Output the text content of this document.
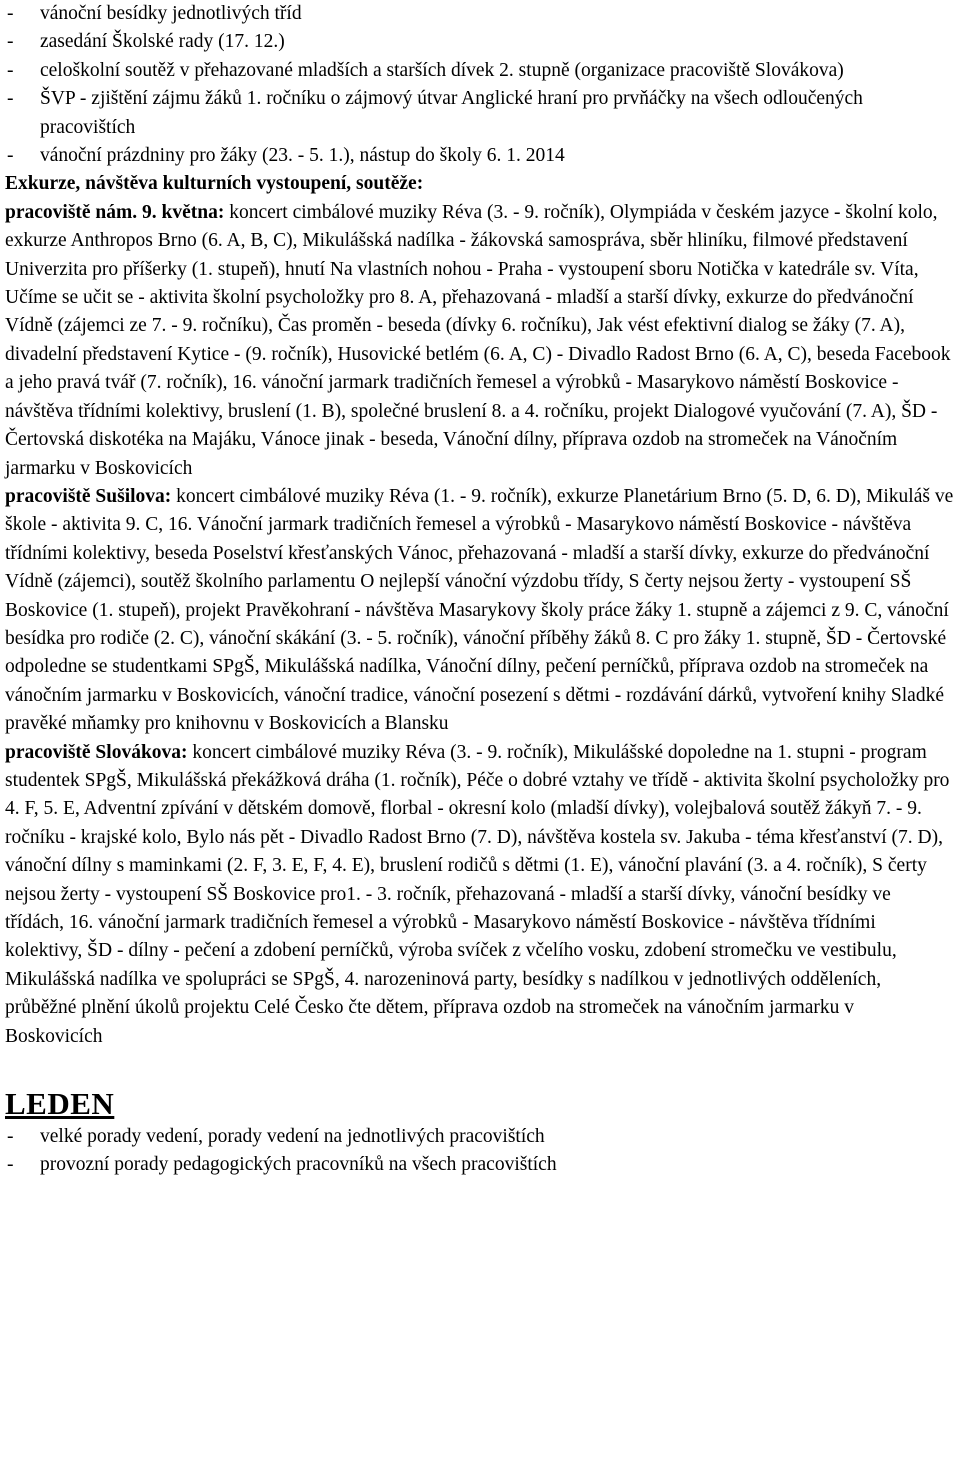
- vánoční besídky jednotlivých tříd
- zasedání Školské rady (17. 12.)
- celoškolní soutěž v přehazované mladších a starších dívek 2. stupně (organizace pracoviště Slovákova)
- ŠVP - zjištění zájmu žáků 1. ročníku o zájmový útvar Anglické hraní pro prvňáčky na všech odloučených pracovištích
- vánoční prázdniny pro žáky (23. - 5. 1.), nástup do školy 6. 1. 2014

Exkurze, návštěva kulturních vystoupení, soutěže:

pracoviště nám. 9. května: koncert cimbálové muziky Réva (3. - 9. ročník), Olympiáda v českém jazyce - školní kolo, exkurze Anthropos Brno (6. A, B, C), Mikulášská nadílka - žákovská samospráva, sběr hliníku, filmové představení Univerzita pro příšerky (1. stupeň), hnutí Na vlastních nohou - Praha - vystoupení sboru Notička v katedrále sv. Víta, Učíme se učit se - aktivita školní psycholožky pro 8. A, přehazovaná - mladší a starší dívky, exkurze do předvánoční Vídně (zájemci ze 7. - 9. ročníku), Čas proměn - beseda (dívky 6. ročníku), Jak vést efektivní dialog se žáky (7. A), divadelní představení Kytice - (9. ročník), Husovické betlém (6. A, C) - Divadlo Radost Brno (6. A, C), beseda Facebook a jeho pravá tvář (7. ročník), 16. vánoční jarmark tradičních řemesel a výrobků - Masarykovo náměstí Boskovice - návštěva třídními kolektivy, bruslení (1. B), společné bruslení 8. a 4. ročníku, projekt Dialogové vyučování (7. A), ŠD - Čertovská diskotéka na Majáku, Vánoce jinak - beseda, Vánoční dílny, příprava ozdob na stromeček na Vánočním jarmarku v Boskovicích

pracoviště Sušilova: koncert cimbálové muziky Réva (1. - 9. ročník), exkurze Planetárium Brno (5. D, 6. D), Mikuláš ve škole - aktivita 9. C, 16. Vánoční jarmark tradičních řemesel a výrobků - Masarykovo náměstí Boskovice - návštěva třídními kolektivy, beseda Poselství křesťanských Vánoc, přehazovaná - mladší a starší dívky, exkurze do předvánoční Vídně (zájemci), soutěž školního parlamentu O nejlepší vánoční výzdobu třídy, S čerty nejsou žerty - vystoupení SŠ Boskovice (1. stupeň), projekt Pravěkohraní - návštěva Masarykovy školy práce žáky 1. stupně a zájemci z 9. C, vánoční besídka pro rodiče (2. C), vánoční skákání (3. - 5. ročník), vánoční příběhy žáků 8. C pro žáky 1. stupně, ŠD - Čertovské odpoledne se studentkami SPgŠ, Mikulášská nadílka, Vánoční dílny, pečení perníčků, příprava ozdob na stromeček na vánočním jarmarku v Boskovicích, vánoční tradice, vánoční posezení s dětmi - rozdávání dárků, vytvoření knihy Sladké pravěké mňamky pro knihovnu v Boskovicích a Blansku

pracoviště Slovákova: koncert cimbálové muziky Réva (3. - 9. ročník), Mikulášské dopoledne na 1. stupni - program studentek SPgŠ, Mikulášská překážková dráha (1. ročník), Péče o dobré vztahy ve třídě - aktivita školní psycholožky pro 4. F, 5. E, Adventní zpívání v dětském domově, florbal - okresní kolo (mladší dívky), volejbalová soutěž žákyň 7. - 9. ročníku - krajské kolo, Bylo nás pět - Divadlo Radost Brno (7. D), návštěva kostela sv. Jakuba - téma křesťanství (7. D), vánoční dílny s maminkami (2. F, 3. E, F, 4. E), bruslení rodičů s dětmi (1. E), vánoční plavání (3. a 4. ročník), S čerty nejsou žerty - vystoupení SŠ Boskovice pro1. - 3. ročník, přehazovaná - mladší a starší dívky, vánoční besídky ve třídách, 16. vánoční jarmark tradičních řemesel a výrobků - Masarykovo náměstí Boskovice - návštěva třídními kolektivy, ŠD - dílny - pečení a zdobení perníčků, výroba svíček z včelího vosku, zdobení stromečku ve vestibulu, Mikulášská nadílka ve spolupráci se SPgŠ, 4. narozeninová party, besídky s nadílkou v jednotlivých odděleních, průběžné plnění úkolů projektu Celé Česko čte dětem, příprava ozdob na stromeček na vánočním jarmarku v Boskovicích

LEDEN
- velké porady vedení, porady vedení na jednotlivých pracovištích
- provozní porady pedagogických pracovníků na všech pracovištích
